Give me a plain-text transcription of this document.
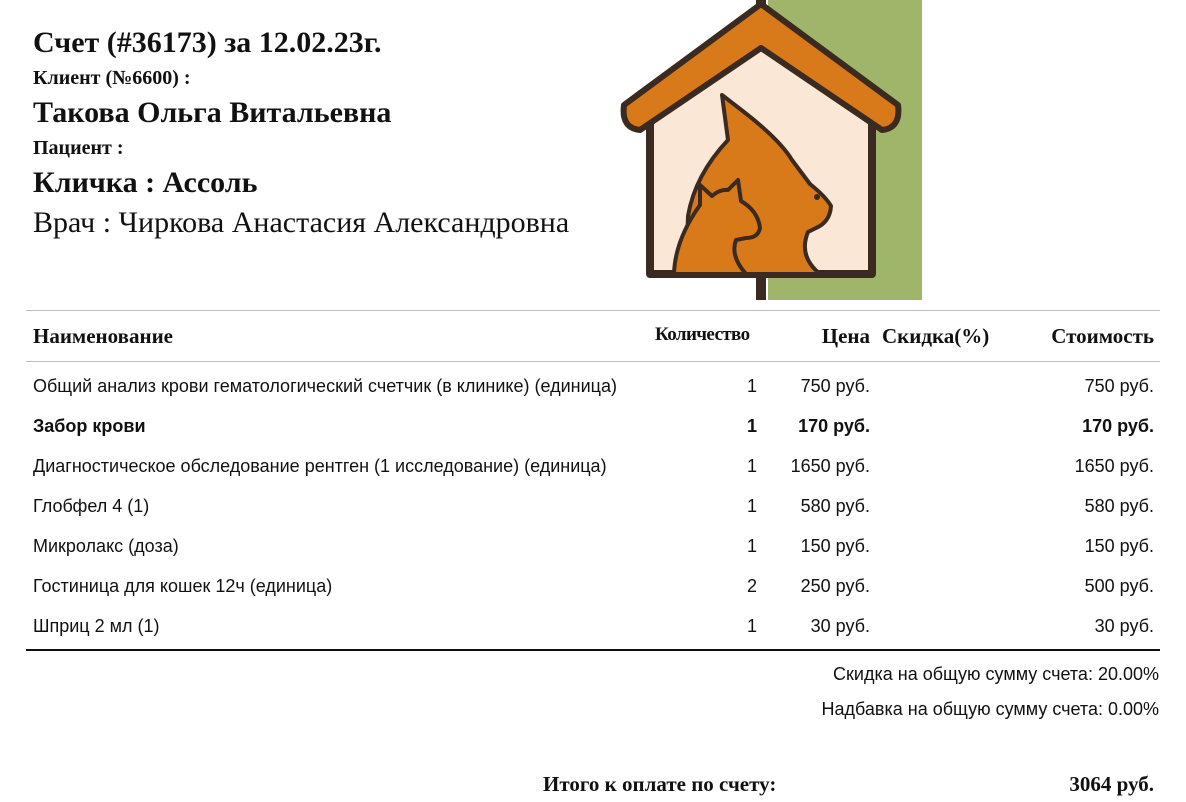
Счет (#36173) за 12.02.23г.
Клиент (№6600) :
Такова Ольга Витальевна
Пациент :
Кличка : Ассоль
Врач : Чиркова Анастасия Александровна
Наименование	Количество	Цена Скидка(%)	Стоимость
Общий анализ крови гематологический счетчик (в клинике) (единица)	1 750 руб.	750 руб.
Забор крови	1 170 руб.	170 руб.
Диагностическое обследование рентген (1 исследование) (единица)	1 1650 руб.	1650 руб.
Глобфел 4 (1)	1 580 руб.	580 руб.
Микролакс (доза)	1 150 руб.	150 руб.
Гостиница для кошек 12ч (единица)	2 250 руб.	500 руб.
Шприц 2 мл (1)	1	30 руб.	30 руб.
Скидка на общую сумму счета: 20.00%
Надбавка на общую сумму счета: 0.00%
Итого к оплате по счету:	3064 руб.
